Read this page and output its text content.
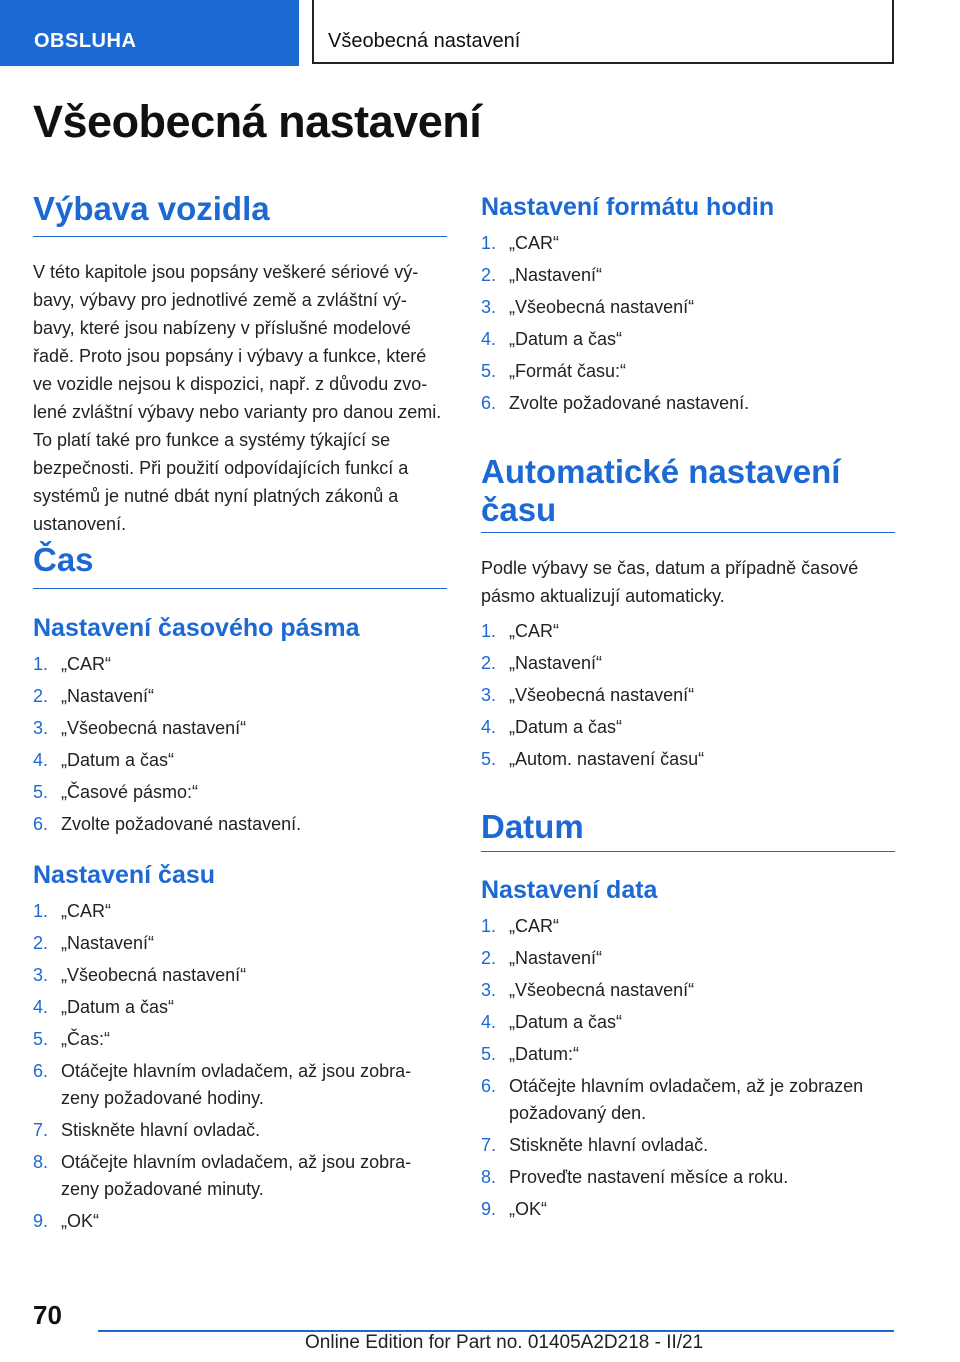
OBSLUHA	Všeobecná nastavení
Všeobecná nastavení
Výbava vozidla

V této kapitole jsou popsány veškeré sériové vý-bavy, výbavy pro jednotlivé země a zvláštní vý-bavy, které jsou nabízeny v příslušné modelové řadě. Proto jsou popsány i výbavy a funkce, které ve vozidle nejsou k dispozici, např. z důvodu zvo-lené zvláštní výbavy nebo varianty pro danou zemi. To platí také pro funkce a systémy týkající se bezpečnosti. Při použití odpovídajících funkcí a systémů je nutné dbát nyní platných zákonů a ustanovení.

Čas
Nastavení časového pásma
1. „CAR“
2. „Nastavení“
3. „Všeobecná nastavení“
4. „Datum a čas“
5. „Časové pásmo:“
6. Zvolte požadované nastavení.
Nastavení času
1. „CAR“
2. „Nastavení“
3. „Všeobecná nastavení“
4. „Datum a čas“
5. „Čas:“
6. Otáčejte hlavním ovladačem, až jsou zobra-zeny požadované hodiny.
7. Stiskněte hlavní ovladač.
8. Otáčejte hlavním ovladačem, až jsou zobra-zeny požadované minuty.
9. „OK“
Nastavení formátu hodin
1. „CAR“
2. „Nastavení“
3. „Všeobecná nastavení“
4. „Datum a čas“
5. „Formát času:“
6. Zvolte požadované nastavení.
Automatické nastavení času

Podle výbavy se čas, datum a případně časové pásmo aktualizují automaticky.

1. „CAR“
2. „Nastavení“
3. „Všeobecná nastavení“
4. „Datum a čas“
5. „Autom. nastavení času“
Datum
Nastavení data
1. „CAR“
2. „Nastavení“
3. „Všeobecná nastavení“
4. „Datum a čas“
5. „Datum:“
6. Otáčejte hlavním ovladačem, až je zobrazen požadovaný den.
7. Stiskněte hlavní ovladač.
8. Proveďte nastavení měsíce a roku.
9. „OK“
70
Online Edition for Part no. 01405A2D218 - II/21
